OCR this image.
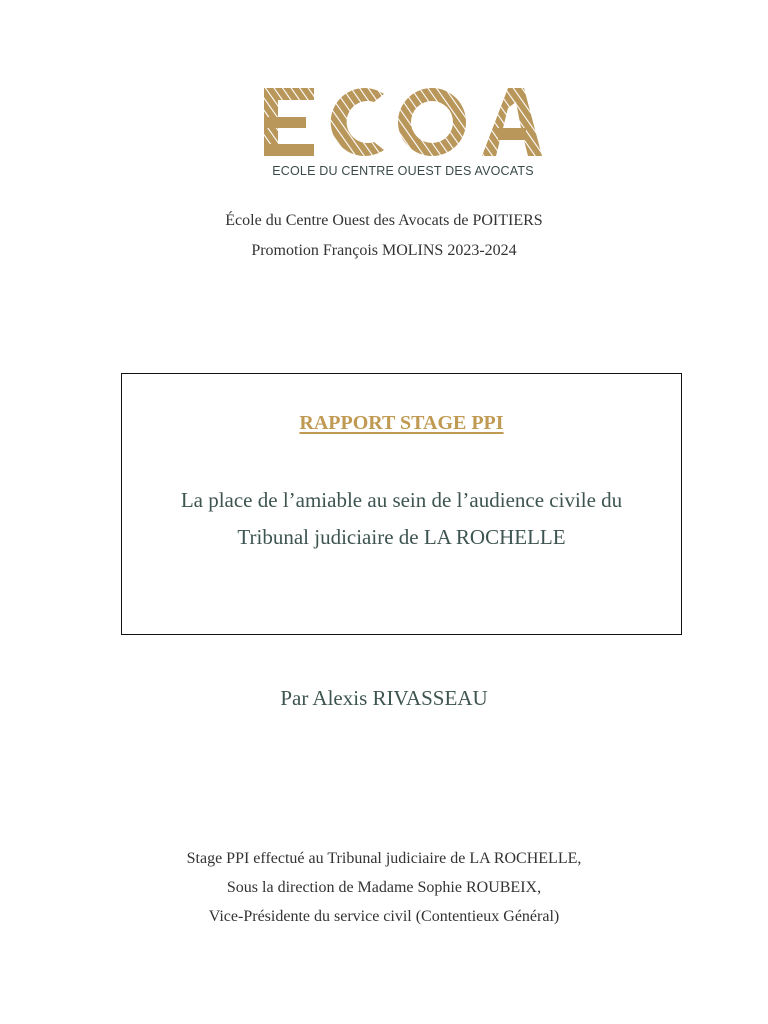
ECOLE DU CENTRE OUEST DES AVOCATS
École du Centre Ouest des Avocats de POITIERS
Promotion François MOLINS 2023-2024
RAPPORT STAGE PPI
La place de l’amiable au sein de l’audience civile du
Tribunal judiciaire de LA ROCHELLE
Par Alexis RIVASSEAU
Stage PPI effectué au Tribunal judiciaire de LA ROCHELLE,
Sous la direction de Madame Sophie ROUBEIX,
Vice-Présidente du service civil (Contentieux Général)
